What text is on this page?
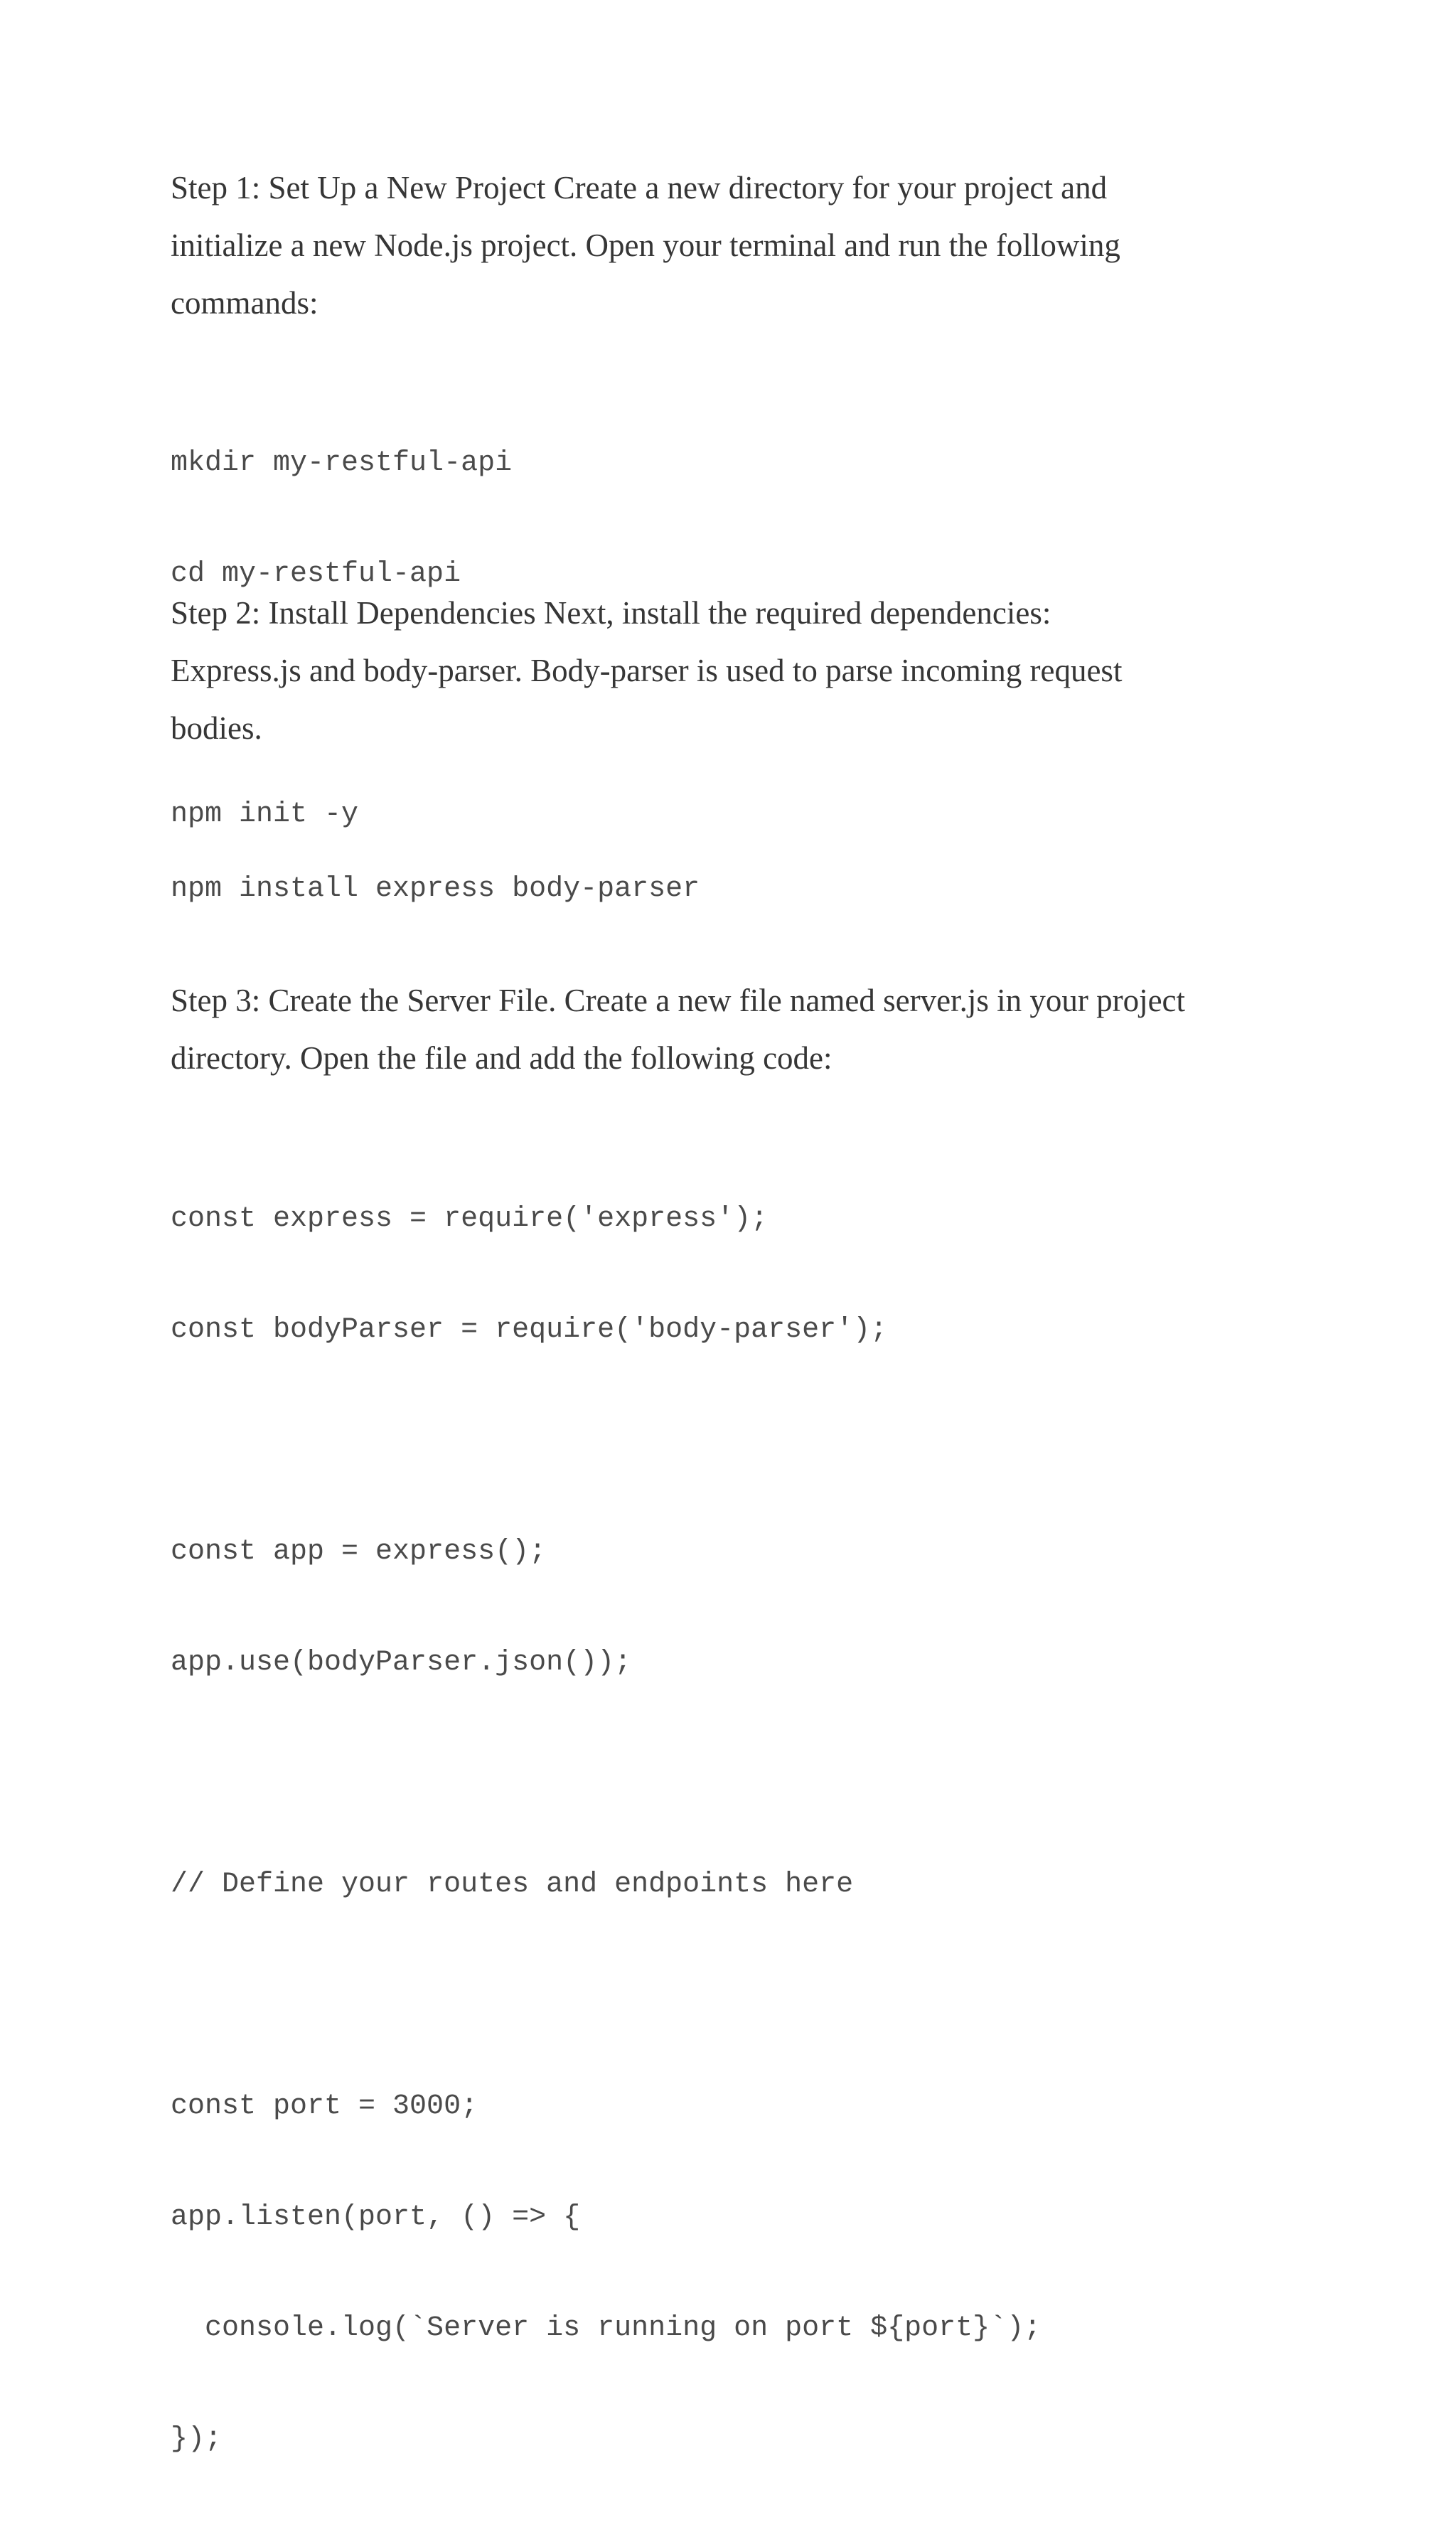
Step 1: Set Up a New Project Create a new directory for your project and
initialize a new Node.js project. Open your terminal and run the following
commands:

mkdir my-restful-api

cd my-restful-api

npm init -y

Step 2: Install Dependencies Next, install the required dependencies:
Express.js and body-parser. Body-parser is used to parse incoming request
bodies.

npm install express body-parser

Step 3: Create the Server File. Create a new file named server.js in your project
directory. Open the file and add the following code:

const express = require('express');

const bodyParser = require('body-parser');

const app = express();

app.use(bodyParser.json());

// Define your routes and endpoints here

const port = 3000;

app.listen(port, () => {

console.log(`Server is running on port ${port}`);

});
